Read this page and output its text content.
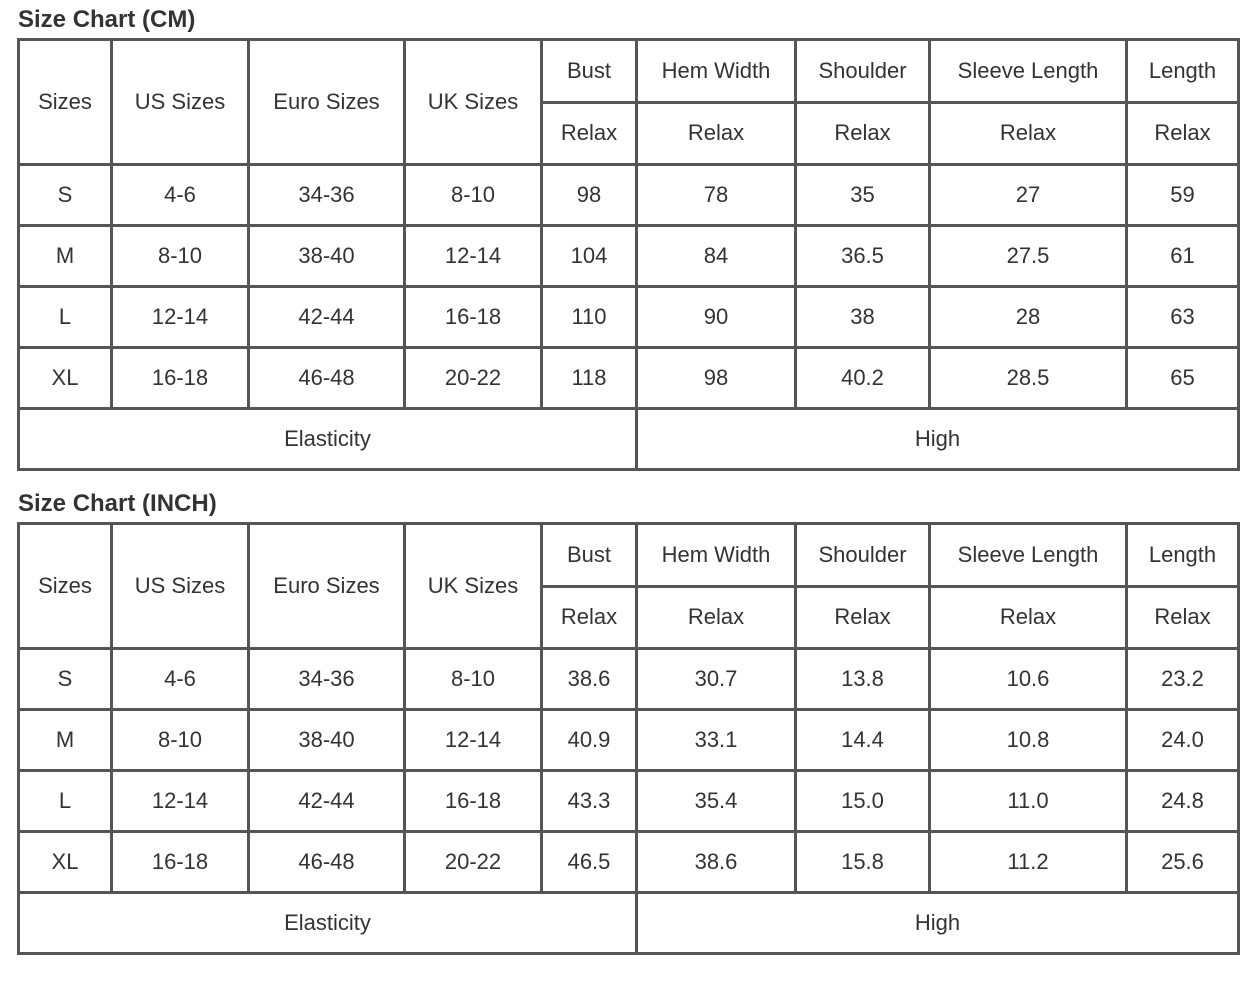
Size Chart (CM)
Sizes	US Sizes	Euro Sizes	UK Sizes	Bust	Hem Width	Shoulder	Sleeve Length	Length
				Relax	Relax	Relax	Relax	Relax
S	4-6	34-36	8-10	98	78	35	27	59
M	8-10	38-40	12-14	104	84	36.5	27.5	61
L	12-14	42-44	16-18	110	90	38	28	63
XL	16-18	46-48	20-22	118	98	40.2	28.5	65
Elasticity					High			
Size Chart (INCH)
Sizes	US Sizes	Euro Sizes	UK Sizes	Bust	Hem Width	Shoulder	Sleeve Length	Length
				Relax	Relax	Relax	Relax	Relax
S	4-6	34-36	8-10	38.6	30.7	13.8	10.6	23.2
M	8-10	38-40	12-14	40.9	33.1	14.4	10.8	24.0
L	12-14	42-44	16-18	43.3	35.4	15.0	11.0	24.8
XL	16-18	46-48	20-22	46.5	38.6	15.8	11.2	25.6
Elasticity					High			
